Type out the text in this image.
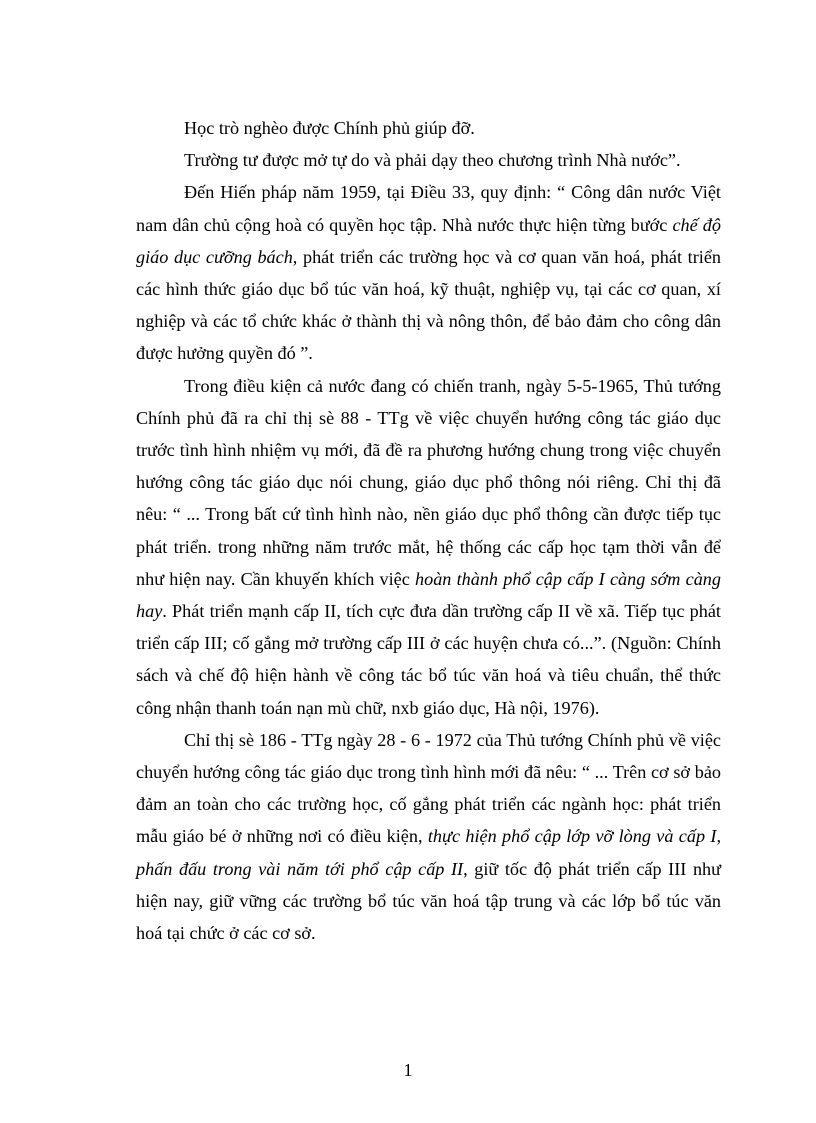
Học trò nghèo được Chính phủ giúp đỡ.

Trường tư được mở tự do và phải dạy theo chương trình Nhà nước”.

Đến Hiến pháp năm 1959, tại Điều 33, quy định: “ Công dân nước Việt nam dân chủ cộng hoà có quyền học tập. Nhà nước thực hiện từng bước chế độ giáo dục cưỡng bách, phát triển các trường học và cơ quan văn hoá, phát triển các hình thức giáo dục bổ túc văn hoá, kỹ thuật, nghiệp vụ, tại các cơ quan, xí nghiệp và các tổ chức khác ở thành thị và nông thôn, để bảo đảm cho công dân được hưởng quyền đó ”.

Trong điều kiện cả nước đang có chiến tranh, ngày 5-5-1965, Thủ tướng Chính phủ đã ra chỉ thị sè 88 - TTg về việc chuyển hướng công tác giáo dục trước tình hình nhiệm vụ mới, đã đề ra phương hướng chung trong việc chuyển hướng công tác giáo dục nói chung, giáo dục phổ thông nói riêng. Chỉ thị đã nêu: “ ... Trong bất cứ tình hình nào, nền giáo dục phổ thông cần được tiếp tục phát triển. trong những năm trước mắt, hệ thống các cấp học tạm thời vẫn để như hiện nay. Cần khuyến khích việc hoàn thành phổ cập cấp I càng sớm càng hay. Phát triển mạnh cấp II, tích cực đưa dần trường cấp II về xã. Tiếp tục phát triển cấp III; cố gắng mở trường cấp III ở các huyện chưa có...”. (Nguồn: Chính sách và chế độ hiện hành về công tác bổ túc văn hoá và tiêu chuẩn, thể thức công nhận thanh toán nạn mù chữ, nxb giáo dục, Hà nội, 1976).

Chỉ thị sè 186 - TTg ngày 28 - 6 - 1972 của Thủ tướng Chính phủ về việc chuyển hướng công tác giáo dục trong tình hình mới đã nêu: “ ... Trên cơ sở bảo đảm an toàn cho các trường học, cố gắng phát triển các ngành học: phát triển mẫu giáo bé ở những nơi có điều kiện, thực hiện phổ cập lớp vỡ lòng và cấp I, phấn đấu trong vài năm tới phổ cập cấp II, giữ tốc độ phát triển cấp III như hiện nay, giữ vững các trường bổ túc văn hoá tập trung và các lớp bổ túc văn hoá tại chức ở các cơ sở.

1
